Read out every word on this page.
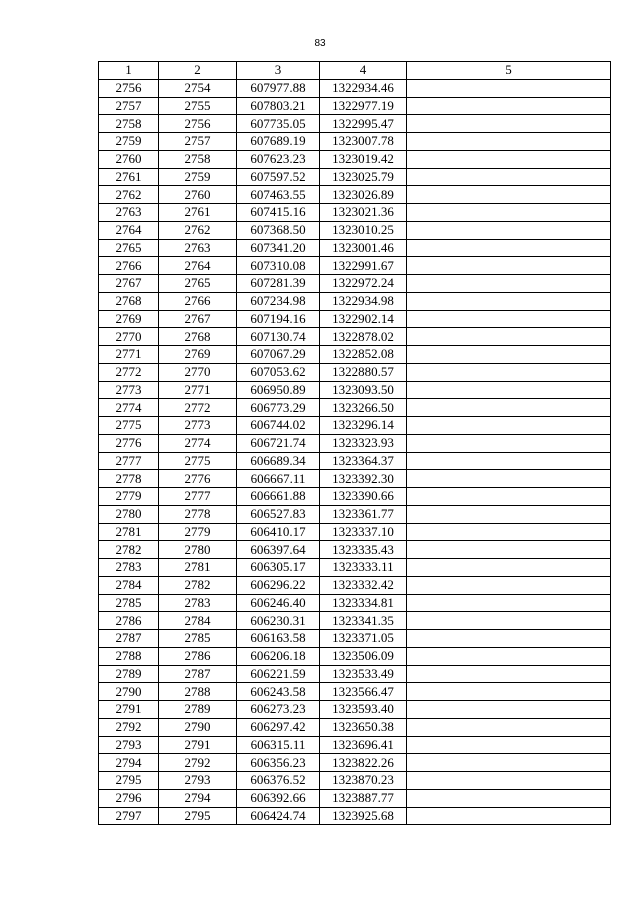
83
1	2	3	4	5
2756	2754	607977.88	1322934.46	
2757	2755	607803.21	1322977.19	
2758	2756	607735.05	1322995.47	
2759	2757	607689.19	1323007.78	
2760	2758	607623.23	1323019.42	
2761	2759	607597.52	1323025.79	
2762	2760	607463.55	1323026.89	
2763	2761	607415.16	1323021.36	
2764	2762	607368.50	1323010.25	
2765	2763	607341.20	1323001.46	
2766	2764	607310.08	1322991.67	
2767	2765	607281.39	1322972.24	
2768	2766	607234.98	1322934.98	
2769	2767	607194.16	1322902.14	
2770	2768	607130.74	1322878.02	
2771	2769	607067.29	1322852.08	
2772	2770	607053.62	1322880.57	
2773	2771	606950.89	1323093.50	
2774	2772	606773.29	1323266.50	
2775	2773	606744.02	1323296.14	
2776	2774	606721.74	1323323.93	
2777	2775	606689.34	1323364.37	
2778	2776	606667.11	1323392.30	
2779	2777	606661.88	1323390.66	
2780	2778	606527.83	1323361.77	
2781	2779	606410.17	1323337.10	
2782	2780	606397.64	1323335.43	
2783	2781	606305.17	1323333.11	
2784	2782	606296.22	1323332.42	
2785	2783	606246.40	1323334.81	
2786	2784	606230.31	1323341.35	
2787	2785	606163.58	1323371.05	
2788	2786	606206.18	1323506.09	
2789	2787	606221.59	1323533.49	
2790	2788	606243.58	1323566.47	
2791	2789	606273.23	1323593.40	
2792	2790	606297.42	1323650.38	
2793	2791	606315.11	1323696.41	
2794	2792	606356.23	1323822.26	
2795	2793	606376.52	1323870.23	
2796	2794	606392.66	1323887.77	
2797	2795	606424.74	1323925.68	
